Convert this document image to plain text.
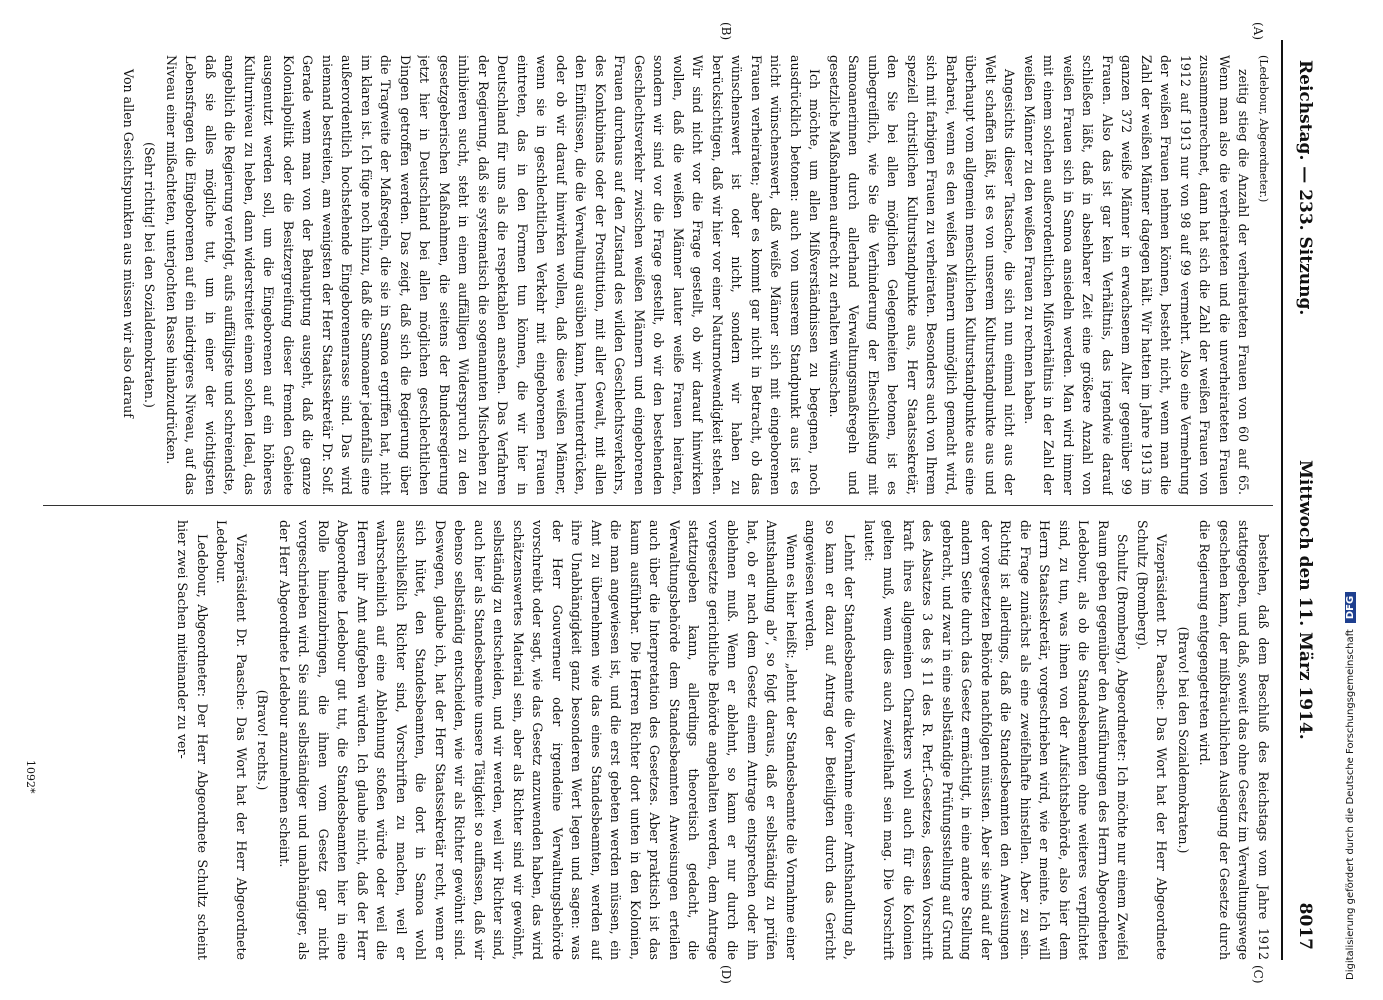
Reichstag. — 233. Sitzung.
Mittwoch den 11. März 1914.
8017
(A)
(B)
(C)
(D)
(Ledebour, Abgeordneter.)

zeitig stieg die Anzahl der verheirateten Frauen von 60 auf 65. Wenn man also die verheirateten und die unverheirateten Frauen zusammenrechnet, dann hat sich die Zahl der weißen Frauen von 1912 auf 1913 nur von 98 auf 99 vermehrt. Also eine Vermehrung der weißen Frauen nehmen können, besteht nicht, wenn man die Zahl der weißen Männer dagegen hält. Wir hatten im Jahre 1913 im ganzen 372 weiße Männer in erwachsenem Alter gegenüber 99 Frauen. Also das ist gar kein Verhältnis, das irgendwie darauf schließen läßt, daß in absehbarer Zeit eine größere Anzahl von weißen Frauen sich in Samoa ansiedeln werden. Man wird immer mit einem solchen außerordentlichen Mißverhältnis in der Zahl der weißen Männer zu den weißen Frauen zu rechnen haben.

Angesichts dieser Tatsache, die sich nun einmal nicht aus der Welt schaffen läßt, ist es von unserem Kulturstandpunkte aus und überhaupt vom allgemein menschlichen Kulturstandpunkte aus eine Barbarei, wenn es den weißen Männern unmöglich gemacht wird, sich mit farbigen Frauen zu verheiraten. Besonders auch von Ihrem speziell christlichen Kulturstandpunkte aus, Herr Staatssekretär, den Sie bei allen möglichen Gelegenheiten betonen, ist es unbegreiflich, wie Sie die Verhinderung der Eheschließung mit Samoanerinnen durch allerhand Verwaltungsmaßregeln und gesetzliche Maßnahmen aufrecht zu erhalten wünschen.

Ich möchte, um allen Mißverständnissen zu begegnen, noch ausdrücklich betonen: auch von unserem Standpunkt aus ist es nicht wünschenswert, daß weiße Männer sich mit eingeborenen Frauen verheiraten; aber es kommt gar nicht in Betracht, ob das wünschenswert ist oder nicht, sondern wir haben zu berücksichtigen, daß wir hier vor einer Naturnotwendigkeit stehen. Wir sind nicht vor die Frage gestellt, ob wir darauf hinwirken wollen, daß die weißen Männer lauter weiße Frauen heiraten, sondern wir sind vor die Frage gestellt, ob wir den bestehenden Geschlechtsverkehr zwischen weißen Männern und eingeborenen Frauen durchaus auf den Zustand des wilden Geschlechtsverkehrs, des Konkubinats oder der Prostitution, mit aller Gewalt, mit allen den Einflüssen, die die Verwaltung ausüben kann, herunterdrücken, oder ob wir darauf hinwirken wollen, daß diese weißen Männer, wenn sie in geschlechtlichen Verkehr mit eingeborenen Frauen eintreten, das in den Formen tun können, die wir hier in Deutschland für uns als die respektablen ansehen. Das Verfahren der Regierung, daß sie systematisch die sogenannten Mischehen zu inhibieren sucht, steht in einem auffälligen Widerspruch zu den gesetzgeberischen Maßnahmen, die seitens der Bundesregierung jetzt hier in Deutschland bei allen möglichen geschlechtlichen Dingen getroffen werden. Das zeigt, daß sich die Regierung über die Tragweite der Maßregeln, die sie in Samoa ergriffen hat, nicht im klaren ist. Ich füge noch hinzu, daß die Samoaner jedenfalls eine außerordentlich hochstehende Eingeborenenrasse sind. Das wird niemand bestreiten, am wenigsten der Herr Staatssekretär Dr. Solf. Gerade wenn man von der Behauptung ausgeht, daß die ganze Kolonialpolitik oder die Besitzergreifung dieser fremden Gebiete ausgenutzt werden soll, um die Eingeborenen auf ein höheres Kulturniveau zu heben, dann widerstreitet einem solchen Ideal, das angeblich die Regierung verfolgt, aufs auffälligste und schreiendste, daß sie alles mögliche tut, um in einer der wichtigsten Lebensfragen die Eingeborenen auf ein niedrigeres Niveau, auf das Niveau einer mißachteten, unterjochten Rasse hinabzudrücken.

(Sehr richtig! bei den Sozialdemokraten.)

Von allen Gesichtspunkten aus müssen wir also darauf

bestehen, daß dem Beschluß des Reichstags vom Jahre 1912 stattgegeben, und daß, soweit das ohne Gesetz im Verwaltungswege geschehen kann, der mißbräuchlichen Auslegung der Gesetze durch die Regierung entgegengetreten wird.

(Bravo! bei den Sozialdemokraten.)

Vizepräsident Dr. Paasche: Das Wort hat der Herr Abgeordnete Schultz (Bromberg).

Schultz (Bromberg), Abgeordneter: Ich möchte nur einem Zweifel Raum geben gegenüber den Ausführungen des Herrn Abgeordneten Ledebour, als ob die Standesbeamten ohne weiteres verpflichtet sind, zu tun, was ihnen von der Aufsichtsbehörde, also hier dem Herrn Staatssekretär, vorgeschrieben wird, wie er meinte. Ich will die Frage zunächst als eine zweifelhafte hinstellen. Aber zu sein. Richtig ist allerdings, daß die Standesbeamten den Anweisungen der vorgesetzten Behörde nachfolgen müssten. Aber sie sind auf der andern Seite durch das Gesetz ermächtigt, in eine andere Stellung gebracht, und zwar in eine selbständige Prüfungsstellung auf Grund des Absatzes 3 des § 11 des R. Perf.-Gesetzes, dessen Vorschrift kraft ihres allgemeinen Charakters wohl auch für die Kolonien gelten muß, wenn dies auch zweifelhaft sein mag. Die Vorschrift lautet:

Lehnt der Standesbeamte die Vornahme einer Amtshandlung ab, so kann er dazu auf Antrag der Beteiligten durch das Gericht angewiesen werden.

Wenn es hier heißt: „lehnt der Standesbeamte die Vornahme einer Amtshandlung ab“, so folgt daraus, daß er selbständig zu prüfen hat, ob er nach dem Gesetz einem Antrage entsprechen oder ihn ablehnen muß. Wenn er ablehnt, so kann er nur durch die vorgesetzte gerichtliche Behörde angehalten werden, dem Antrage stattzugeben kann, allerdings theoretisch gedacht, die Verwaltungsbehörde dem Standesbeamten Anweisungen erteilen auch über die Interpretation des Gesetzes. Aber praktisch ist das kaum ausführbar. Die Herren Richter dort unten in den Kolonien, die man angewiesen ist, und die erst gebeten werden müssen, ein Amt zu übernehmen wie das eines Standesbeamten, werden auf ihre Unabhängigkeit ganz besonderen Wert legen und sagen: was der Herr Gouverneur oder irgendeine Verwaltungsbehörde vorschreibt oder sagt, wie das Gesetz anzuwenden haben, das wird schätzenswertes Material sein, aber als Richter sind wir gewöhnt, selbständig zu entscheiden, und wir werden, weil wir Richter sind, auch hier als Standesbeamte unsere Tätigkeit so auffassen, daß wir ebenso selbständig entscheiden, wie wir als Richter gewöhnt sind. Deswegen, glaube ich, hat der Herr Staatssekretär recht, wenn er sich hütet, den Standesbeamten, die dort in Samoa wohl ausschließlich Richter sind, Vorschriften zu machen, weil er wahrscheinlich auf eine Ablehnung stoßen würde oder weil die Herren ihr Amt aufgeben würden. Ich glaube nicht, daß der Herr Abgeordnete Ledebour gut tut, die Standesbeamten hier in eine Rolle hineinzubringen, die ihnen vom Gesetz gar nicht vorgeschrieben wird. Sie sind selbständiger und unabhängiger, als der Herr Abgeordnete Ledebour anzunehmen scheint.

(Bravo! rechts.)

Vizepräsident Dr. Paasche: Das Wort hat der Herr Abgeordnete Ledebour.

Ledebour, Abgeordneter: Der Herr Abgeordnete Schultz scheint hier zwei Sachen miteinander zu ver-

1092*	Digitalisierung gefördert durch die Deutsche ForschungsgemeinschaftDFG
